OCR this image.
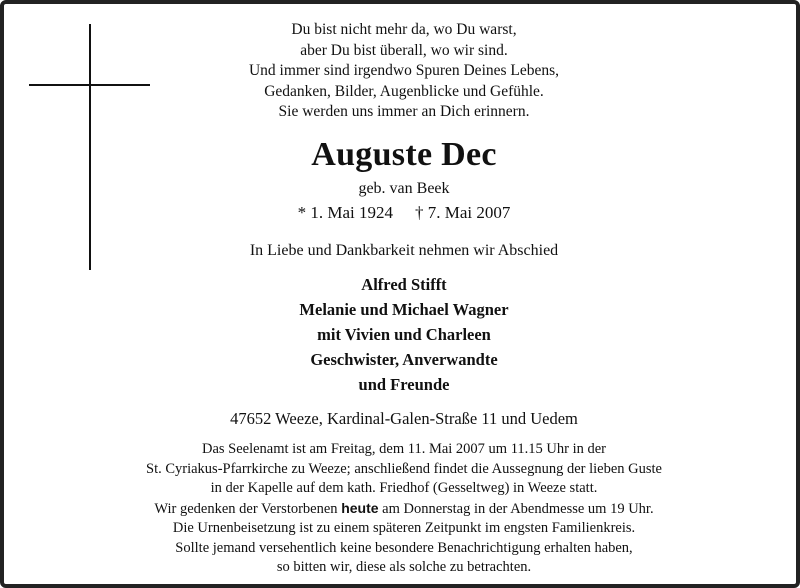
Du bist nicht mehr da, wo Du warst,
aber Du bist überall, wo wir sind.
Und immer sind irgendwo Spuren Deines Lebens,
Gedanken, Bilder, Augenblicke und Gefühle.
Sie werden uns immer an Dich erinnern.
Auguste Dec
geb. van Beek
* 1. Mai 1924 † 7. Mai 2007
In Liebe und Dankbarkeit nehmen wir Abschied
Alfred Stifft
Melanie und Michael Wagner
mit Vivien und Charleen
Geschwister, Anverwandte
und Freunde
47652 Weeze, Kardinal-Galen-Straße 11 und Uedem
Das Seelenamt ist am Freitag, dem 11. Mai 2007 um 11.15 Uhr in der
St. Cyriakus-Pfarrkirche zu Weeze; anschließend findet die Aussegnung der lieben Guste
in der Kapelle auf dem kath. Friedhof (Gesseltweg) in Weeze statt.
Wir gedenken der Verstorbenen heute am Donnerstag in der Abendmesse um 19 Uhr.
Die Urnenbeisetzung ist zu einem späteren Zeitpunkt im engsten Familienkreis.
Sollte jemand versehentlich keine besondere Benachrichtigung erhalten haben,
so bitten wir, diese als solche zu betrachten.
